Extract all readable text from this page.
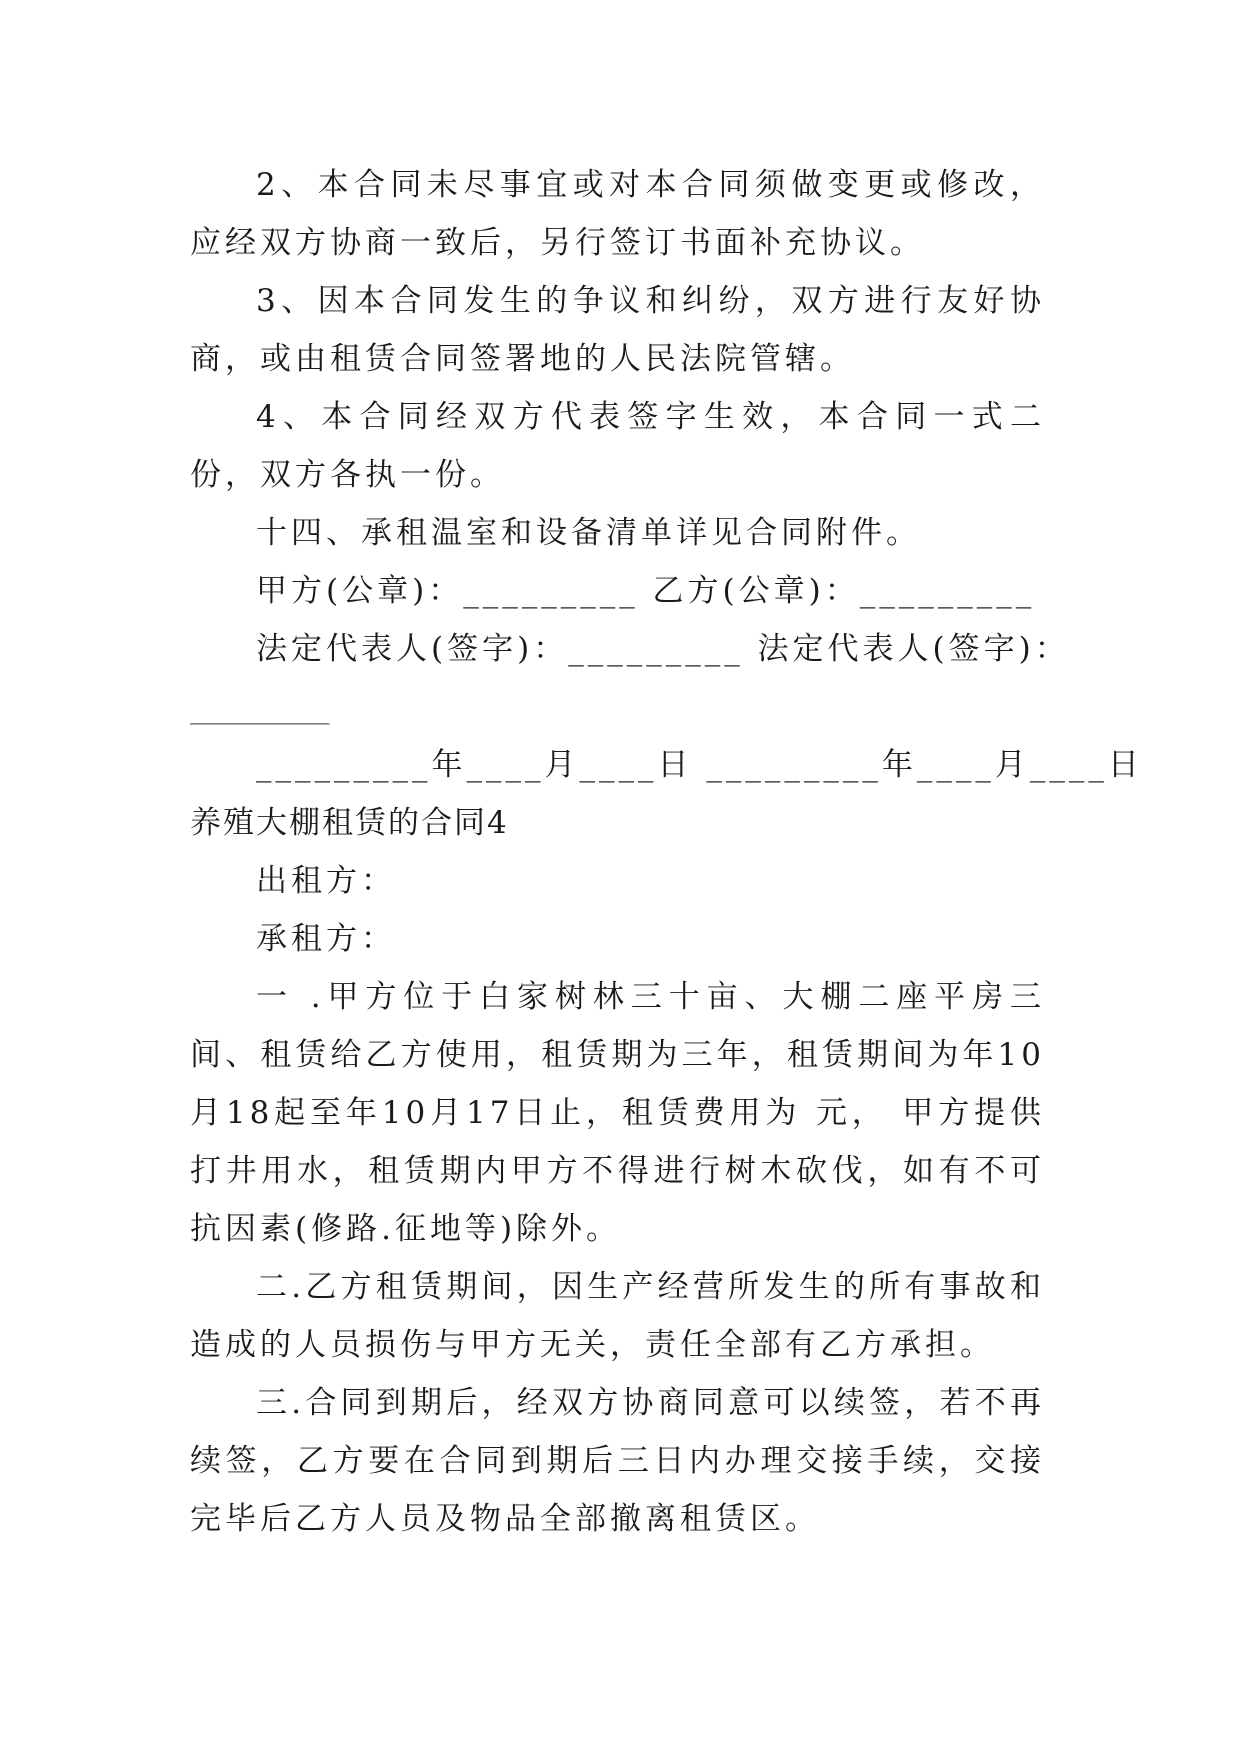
2、本合同未尽事宜或对本合同须做变更或修改，应经双方协商一致后，另行签订书面补充协议。

3、因本合同发生的争议和纠纷，双方进行友好协商，或由租赁合同签署地的人民法院管辖。

4、本合同经双方代表签字生效，本合同一式二份，双方各执一份。

十四、承租温室和设备清单详见合同附件。

甲方(公章)：_________ 乙方(公章)：_________

法定代表人(签字)：_________ 法定代表人(签字)：

_________

_________年____月____日 _________年____月____日

养殖大棚租赁的合同4

出租方：

承租方：

一 .甲方位于白家树林三十亩、大棚二座平房三间、租赁给乙方使用，租赁期为三年，租赁期间为年10月18起至年10月17日止，租赁费用为 元， 甲方提供打井用水，租赁期内甲方不得进行树木砍伐，如有不可抗因素(修路.征地等)除外。

二.乙方租赁期间，因生产经营所发生的所有事故和造成的人员损伤与甲方无关，责任全部有乙方承担。

三.合同到期后，经双方协商同意可以续签，若不再续签，乙方要在合同到期后三日内办理交接手续，交接完毕后乙方人员及物品全部撤离租赁区。
